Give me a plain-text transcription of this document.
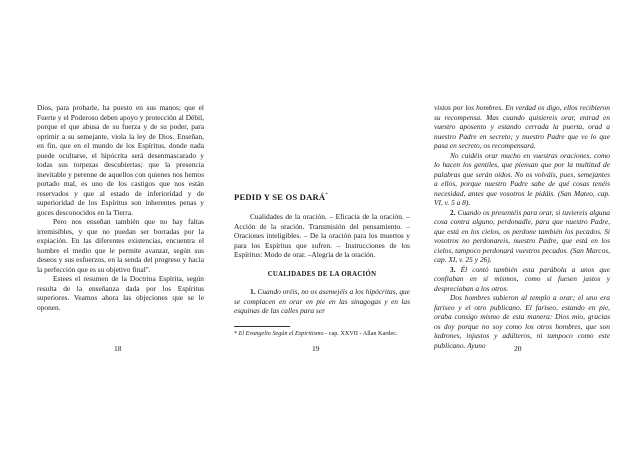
Dios, para probarle, ha puesto en sus manos; que el Fuerte y el Poderoso deben apoyo y protección al Débil, porque el que abusa de su fuerza y de su poder, para oprimir a su semejante, viola la ley de Dios. Enseñan, en fin, que en el mundo de los Espíritus, donde nada puede ocultarse, el hipócrita será desenmascarado y todas sus torpezas descubiertas; que la presencia inevitable y perenne de aquellos con quienes nos hemos portado mal, es uno de los castigos que nos están reservados y que al estado de inferioridad y de superioridad de los Espíritus son inherentes penas y goces desconocidos en la Tierra.

Pero nos enseñan también que no hay faltas irremisibles, y que no puedan ser borradas por la expiación. En las diferentes existencias, encuentra el hombre el medio que le permite avanzar, según sus deseos y sus esfuerzos, en la senda del progreso y hacia la perfección que es su objetivo final".

Estees el resumen de la Doctrina Espírita, según resulta de la enseñanza dada por los Espíritus superiores. Veamos ahora las objeciones que se le oponen.

18
PEDID Y SE OS DARÁ*

Cualidades de la oración. – Eficacia de la oración. – Acción de la oración. Transmisión del pensamiento. – Oraciones inteligibles. – De la oración para los muertos y para los Espíritus que sufren. – Instrucciones de los Espíritus: Modo de orar. –Alegría de la oración.

CUALIDADES DE LA ORACIÓN

1. Cuando oréis, no os asemejéis a los hipócritas, que se complacen en orar en pie en las sinagogas y en las esquinas de las calles para ser

* El Evangelio Según el Espiritismo - cap. XXVII - Allan Kardec.

19

vistos por los hombres. En verdad os digo, ellos recibieron su recompensa. Mas cuando quisiereis orar, entrad en vuestro aposento y estando cerrada la puerta, orad a nuestro Padre en secreto; y nuestro Padre que ve lo que pasa en secreto, os recompensará.

No cuidéis orar mucho en vuestras oraciones, como lo hacen los gentiles, que piensan que por la multitud de palabras que serán oídos. No os volváis, pues, semejantes a ellos, porque nuestro Padre sabe de qué cosas tenéis necesidad, antes que vosotros le pidáis. (San Mateo, cap. VI, v. 5 a 8).

2. Cuando os presentéis para orar, si tuviereis alguna cosa contra alguno, perdonadle, para que nuestro Padre, que está en los cielos, os perdone también los pecados. Si vosotros no perdonareis, nuestro Padre, que está en los cielos, tampoco perdonará vuestros pecados. (San Marcos, cap. XI, v. 25 y 26).

3. Él contó también esta parábola a unos que confiaban en sí mismos, como si fuesen justos y despreciaban a los otros.

Dos hombres subieron al templo a orar; el uno era fariseo y el otro publicano. El fariseo, estando en pie, oraba consigo mismo de esta manera: Dios mío, gracias os doy porque no soy como los otros hombres, que son ladrones, injustos y adúlteros, ni tampoco como este publicano. Ayuno	20
